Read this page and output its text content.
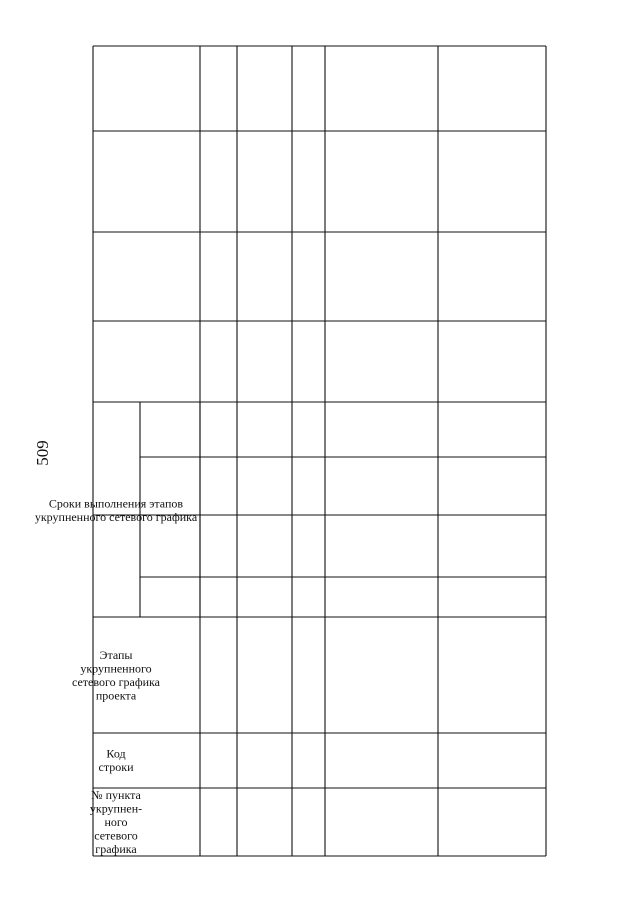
509
№ пункта укрупнен-ного сетевого графика
Код строки
Этапы укрупненного сетевого графика проекта
Сроки выполнения этапов укрупненного сетевого графика
